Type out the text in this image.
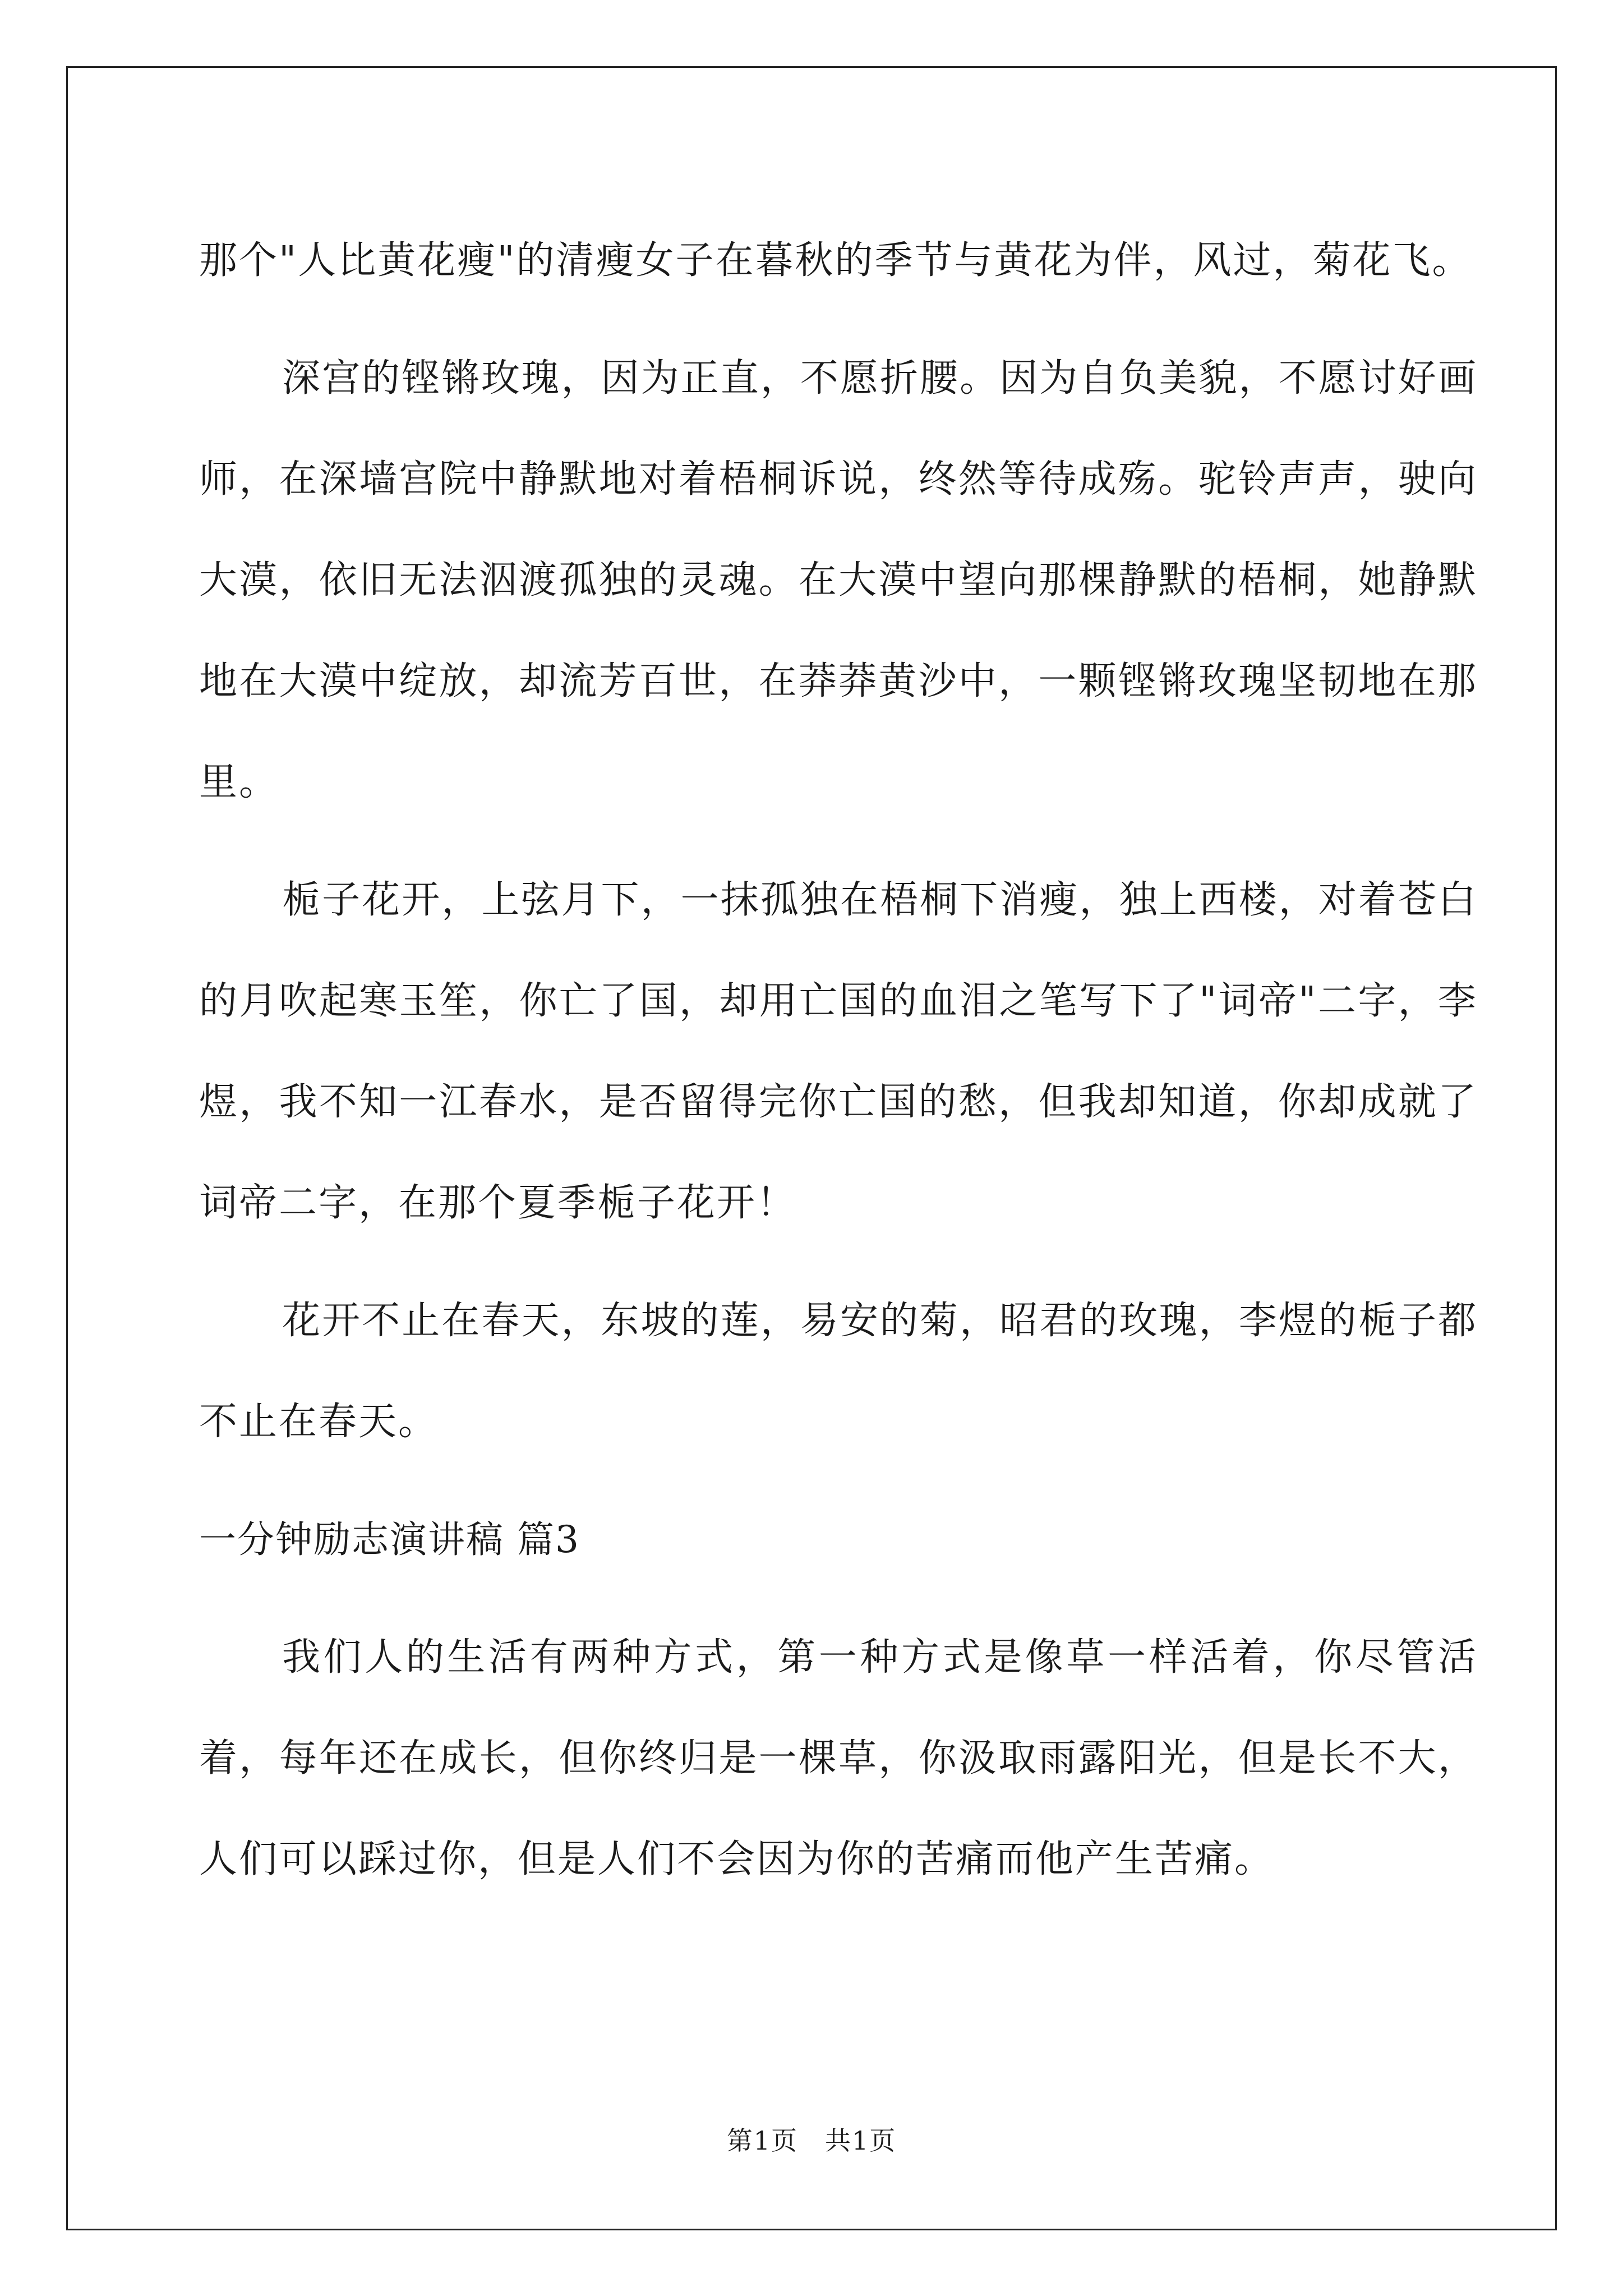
那个"人比黄花瘦"的清瘦女子在暮秋的季节与黄花为伴，风过，菊花飞。

深宫的铿锵玫瑰，因为正直，不愿折腰。因为自负美貌，不愿讨好画师，在深墙宫院中静默地对着梧桐诉说，终然等待成殇。驼铃声声，驶向大漠，依旧无法泅渡孤独的灵魂。在大漠中望向那棵静默的梧桐，她静默地在大漠中绽放，却流芳百世，在莽莽黄沙中，一颗铿锵玫瑰坚韧地在那里。

栀子花开，上弦月下，一抹孤独在梧桐下消瘦，独上西楼，对着苍白的月吹起寒玉笙，你亡了国，却用亡国的血泪之笔写下了"词帝"二字，李煜，我不知一江春水，是否留得完你亡国的愁，但我却知道，你却成就了词帝二字，在那个夏季栀子花开！

花开不止在春天，东坡的莲，易安的菊，昭君的玫瑰，李煜的栀子都不止在春天。

一分钟励志演讲稿 篇3

我们人的生活有两种方式，第一种方式是像草一样活着，你尽管活着，每年还在成长，但你终归是一棵草，你汲取雨露阳光，但是长不大，人们可以踩过你，但是人们不会因为你的苦痛而他产生苦痛。

第1页　共1页
